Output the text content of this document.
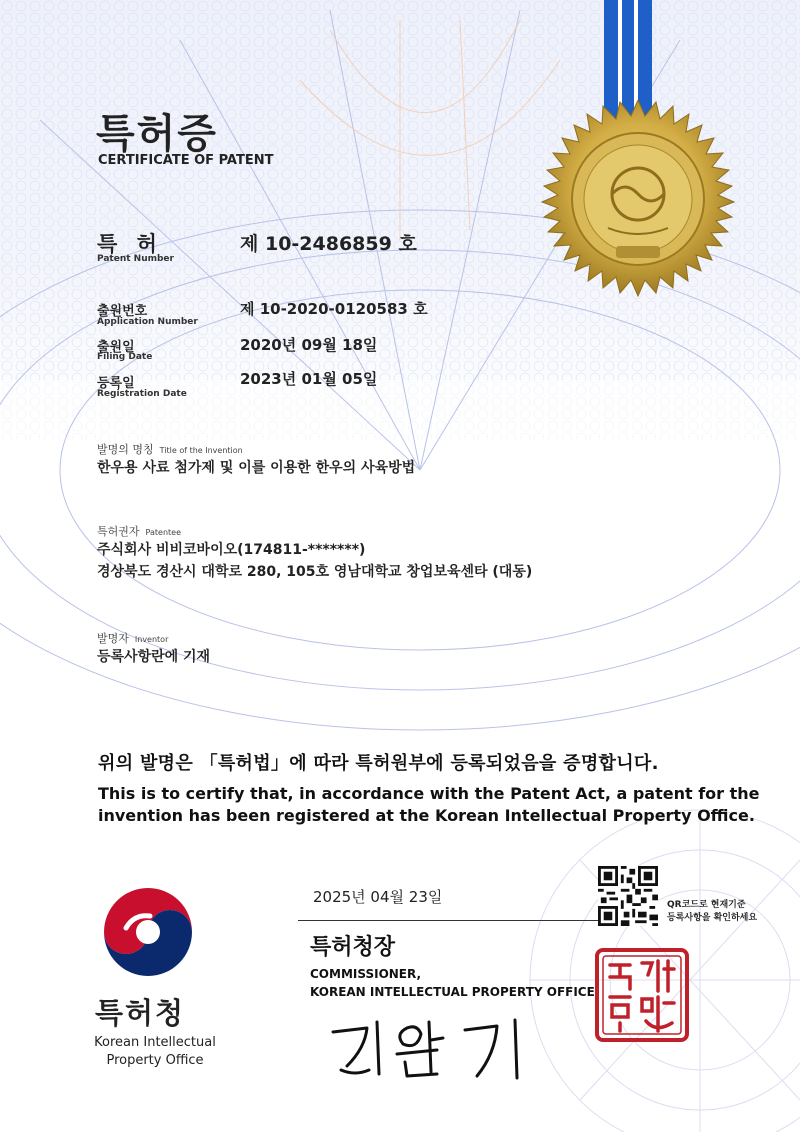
특허증
CERTIFICATE OF PATENT
특 허
Patent Number
제 10-2486859 호
출원번호
Application Number
제 10-2020-0120583 호
출원일
Filing Date
2020년 09월 18일
등록일
Registration Date
2023년 01월 05일
발명의 명칭 Title of the Invention
한우용 사료 첨가제 및 이를 이용한 한우의 사육방법
특허권자 Patentee
주식회사 비비코바이오(174811-*******)
경상북도 경산시 대학로 280, 105호 영남대학교 창업보육센타 (대동)
발명자 Inventor
등록사항란에 기재
위의 발명은 「특허법」에 따라 특허원부에 등록되었음을 증명합니다.
This is to certify that, in accordance with the Patent Act, a patent for the
invention has been registered at the Korean Intellectual Property Office.
2025년 04월 23일	QR코드로 현재기준
등록사항을 확인하세요
특허청장
COMMISSIONER,
KOREAN INTELLECTUAL PROPERTY OFFICE
특허청
Korean Intellectual
Property Office
